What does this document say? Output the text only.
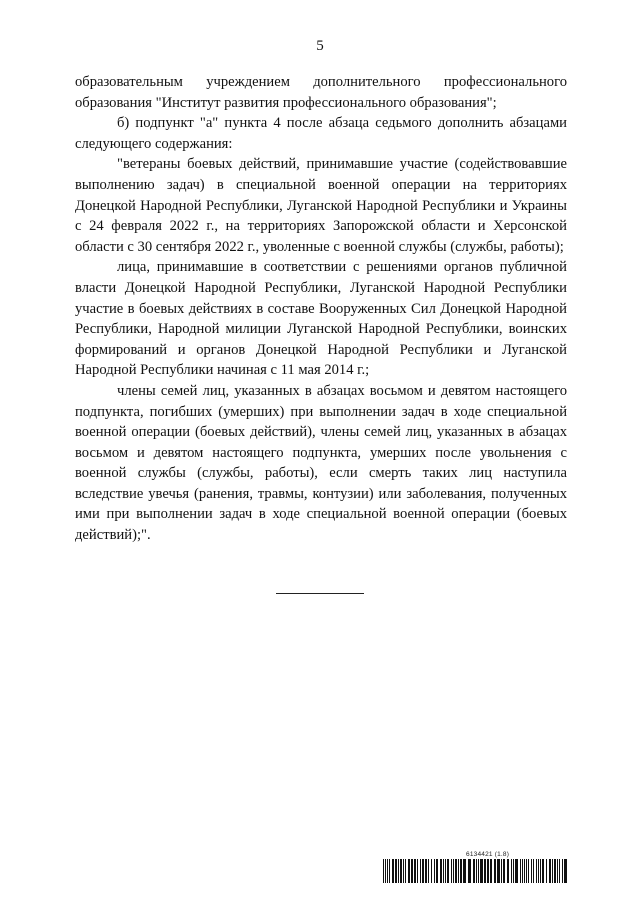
5

образовательным учреждением дополнительного профессионального образования "Институт развития профессионального образования";

б) подпункт "а" пункта 4 после абзаца седьмого дополнить абзацами следующего содержания:

"ветераны боевых действий, принимавшие участие (содействовавшие выполнению задач) в специальной военной операции на территориях Донецкой Народной Республики, Луганской Народной Республики и Украины с 24 февраля 2022 г., на территориях Запорожской области и Херсонской области с 30 сентября 2022 г., уволенные с военной службы (службы, работы);

лица, принимавшие в соответствии с решениями органов публичной власти Донецкой Народной Республики, Луганской Народной Республики участие в боевых действиях в составе Вооруженных Сил Донецкой Народной Республики, Народной милиции Луганской Народной Республики, воинских формирований и органов Донецкой Народной Республики и Луганской Народной Республики начиная с 11 мая 2014 г.;

члены семей лиц, указанных в абзацах восьмом и девятом настоящего подпункта, погибших (умерших) при выполнении задач в ходе специальной военной операции (боевых действий), члены семей лиц, указанных в абзацах восьмом и девятом настоящего подпункта, умерших после увольнения с военной службы (службы, работы), если смерть таких лиц наступила вследствие увечья (ранения, травмы, контузии) или заболевания, полученных ими при выполнении задач в ходе специальной военной операции (боевых действий);".

6134421 (1.8)
